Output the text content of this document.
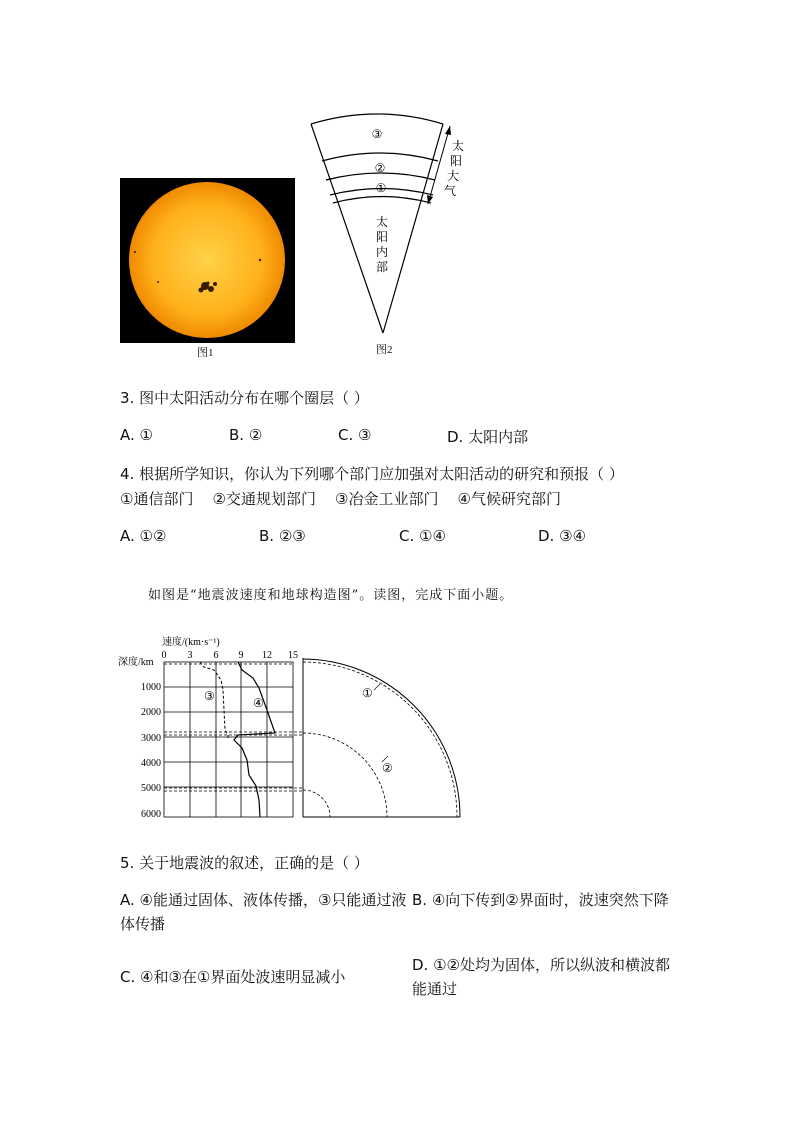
图1
③
②
①
太
阳
内
部
太
阳
大
气
图2
3. 图中太阳活动分布在哪个圈层（ ）
A. ①	B. ②	C. ③	D. 太阳内部
4. 根据所学知识，你认为下列哪个部门应加强对太阳活动的研究和预报（ ）
①通信部门    ②交通规划部门    ③冶金工业部门    ④气候研究部门
A. ①②	B. ②③	C. ①④	D. ③④
如图是“地震波速度和地球构造图”。读图，完成下面小题。
速度/(km·s⁻¹)
深度/km
0 3 6 9 12 15
1000
2000
3000
4000
5000
6000
③	④
①
②
5. 关于地震波的叙述，正确的是（ ）
A. ④能通过固体、液体传播，③只能通过液体传播
B. ④向下传到②界面时，波速突然下降
C. ④和③在①界面处波速明显减小
D. ①②处均为固体，所以纵波和横波都能通过
